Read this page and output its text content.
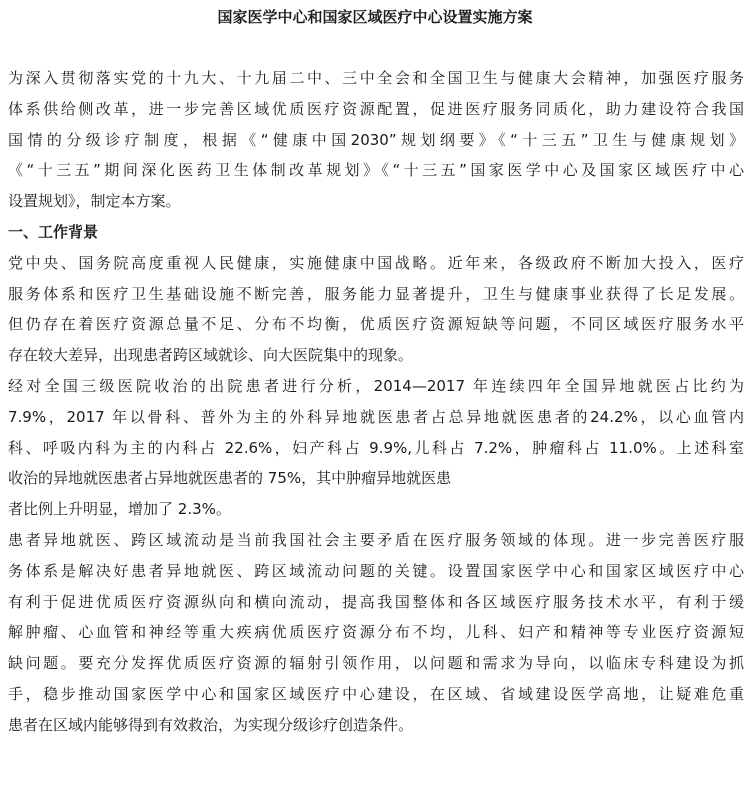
国家医学中心和国家区域医疗中心设置实施方案
为深入贯彻落实党的十九大、十九届二中、三中全会和全国卫生与健康大会精神，加强医疗服务
体系供给侧改革，进一步完善区域优质医疗资源配置，促进医疗服务同质化，助力建设符合我国
国情的分级诊疗制度，根据《“健康中国2030”规划纲要》《“十三五”卫生与健康规划》
《“十三五”期间深化医药卫生体制改革规划》《“十三五”国家医学中心及国家区域医疗中心
设置规划》，制定本方案。
一、工作背景
党中央、国务院高度重视人民健康，实施健康中国战略。近年来，各级政府不断加大投入，医疗
服务体系和医疗卫生基础设施不断完善，服务能力显著提升，卫生与健康事业获得了长足发展。
但仍存在着医疗资源总量不足、分布不均衡，优质医疗资源短缺等问题，不同区域医疗服务水平
存在较大差异，出现患者跨区域就诊、向大医院集中的现象。
经对全国三级医院收治的出院患者进行分析，2014—2017 年连续四年全国异地就医占比约为
7.9%，2017 年以骨科、普外为主的外科异地就医患者占总异地就医患者的24.2%，以心血管内
科、呼吸内科为主的内科占 22.6%，妇产科占 9.9%,儿科占 7.2%，肿瘤科占 11.0%。上述科室
收治的异地就医患者占异地就医患者的 75%，其中肿瘤异地就医患
者比例上升明显，增加了 2.3%。
患者异地就医、跨区域流动是当前我国社会主要矛盾在医疗服务领域的体现。进一步完善医疗服
务体系是解决好患者异地就医、跨区域流动问题的关键。设置国家医学中心和国家区域医疗中心
有利于促进优质医疗资源纵向和横向流动，提高我国整体和各区域医疗服务技术水平，有利于缓
解肿瘤、心血管和神经等重大疾病优质医疗资源分布不均，儿科、妇产和精神等专业医疗资源短
缺问题。要充分发挥优质医疗资源的辐射引领作用，以问题和需求为导向，以临床专科建设为抓
手，稳步推动国家医学中心和国家区域医疗中心建设，在区域、省域建设医学高地，让疑难危重
患者在区域内能够得到有效救治，为实现分级诊疗创造条件。
